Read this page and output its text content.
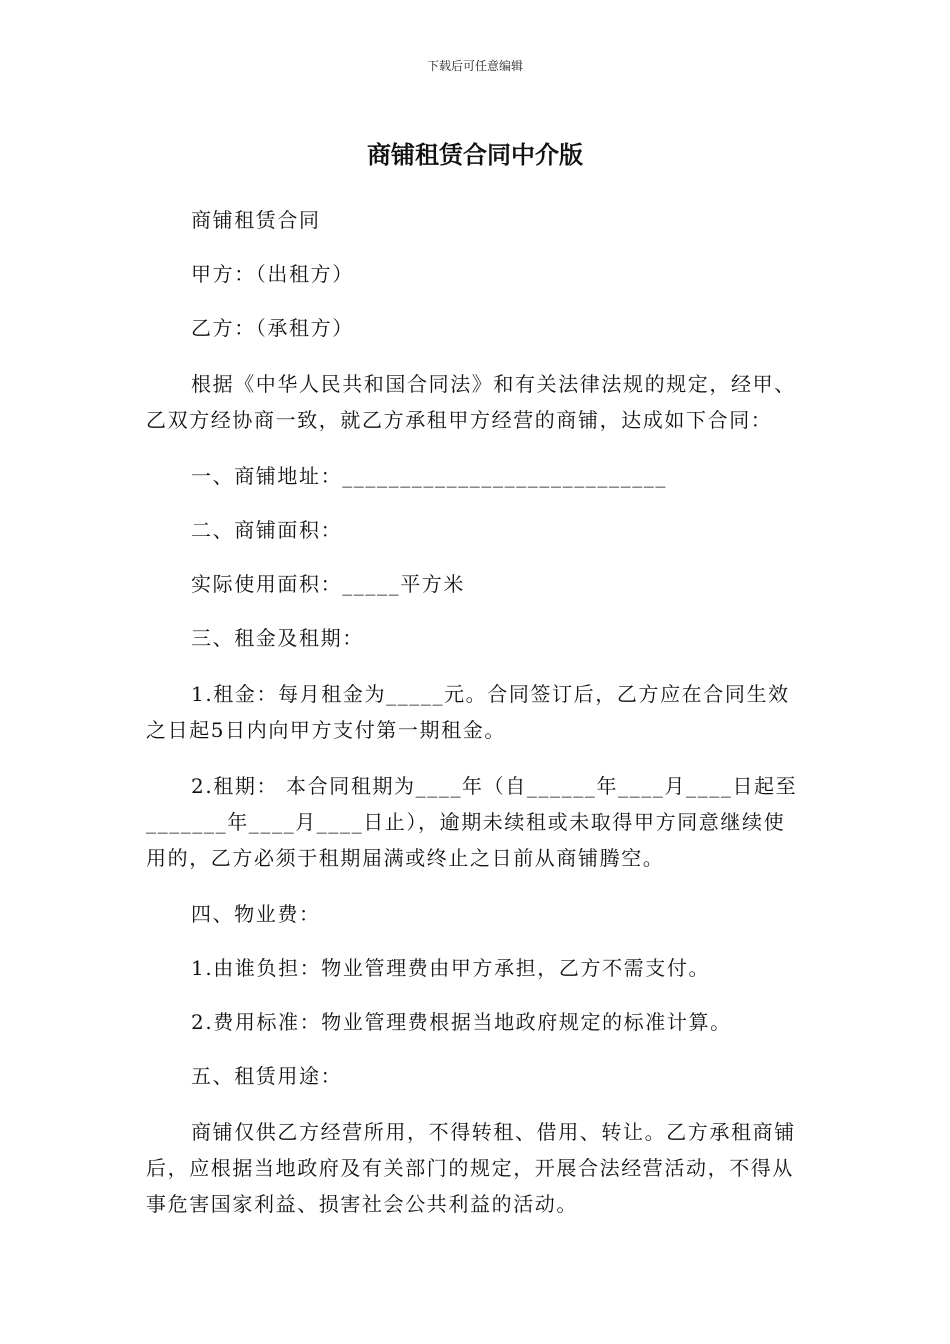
下载后可任意编辑
商铺租赁合同中介版

商铺租赁合同

甲方：（出租方）

乙方：（承租方）

根据《中华人民共和国合同法》和有关法律法规的规定，经甲、乙双方经协商一致，就乙方承租甲方经营的商铺，达成如下合同：

一、商铺地址：____________________________

二、商铺面积：

实际使用面积：_____平方米

三、租金及租期：

1.租金：每月租金为_____元。合同签订后，乙方应在合同生效之日起5日内向甲方支付第一期租金。

2.租期： 本合同租期为____年（自______年____月____日起至_______年____月____日止），逾期未续租或未取得甲方同意继续使用的，乙方必须于租期届满或终止之日前从商铺腾空。

四、物业费：

1.由谁负担：物业管理费由甲方承担，乙方不需支付。

2.费用标准：物业管理费根据当地政府规定的标准计算。

五、租赁用途：

商铺仅供乙方经营所用，不得转租、借用、转让。乙方承租商铺后，应根据当地政府及有关部门的规定，开展合法经营活动，不得从事危害国家利益、损害社会公共利益的活动。
